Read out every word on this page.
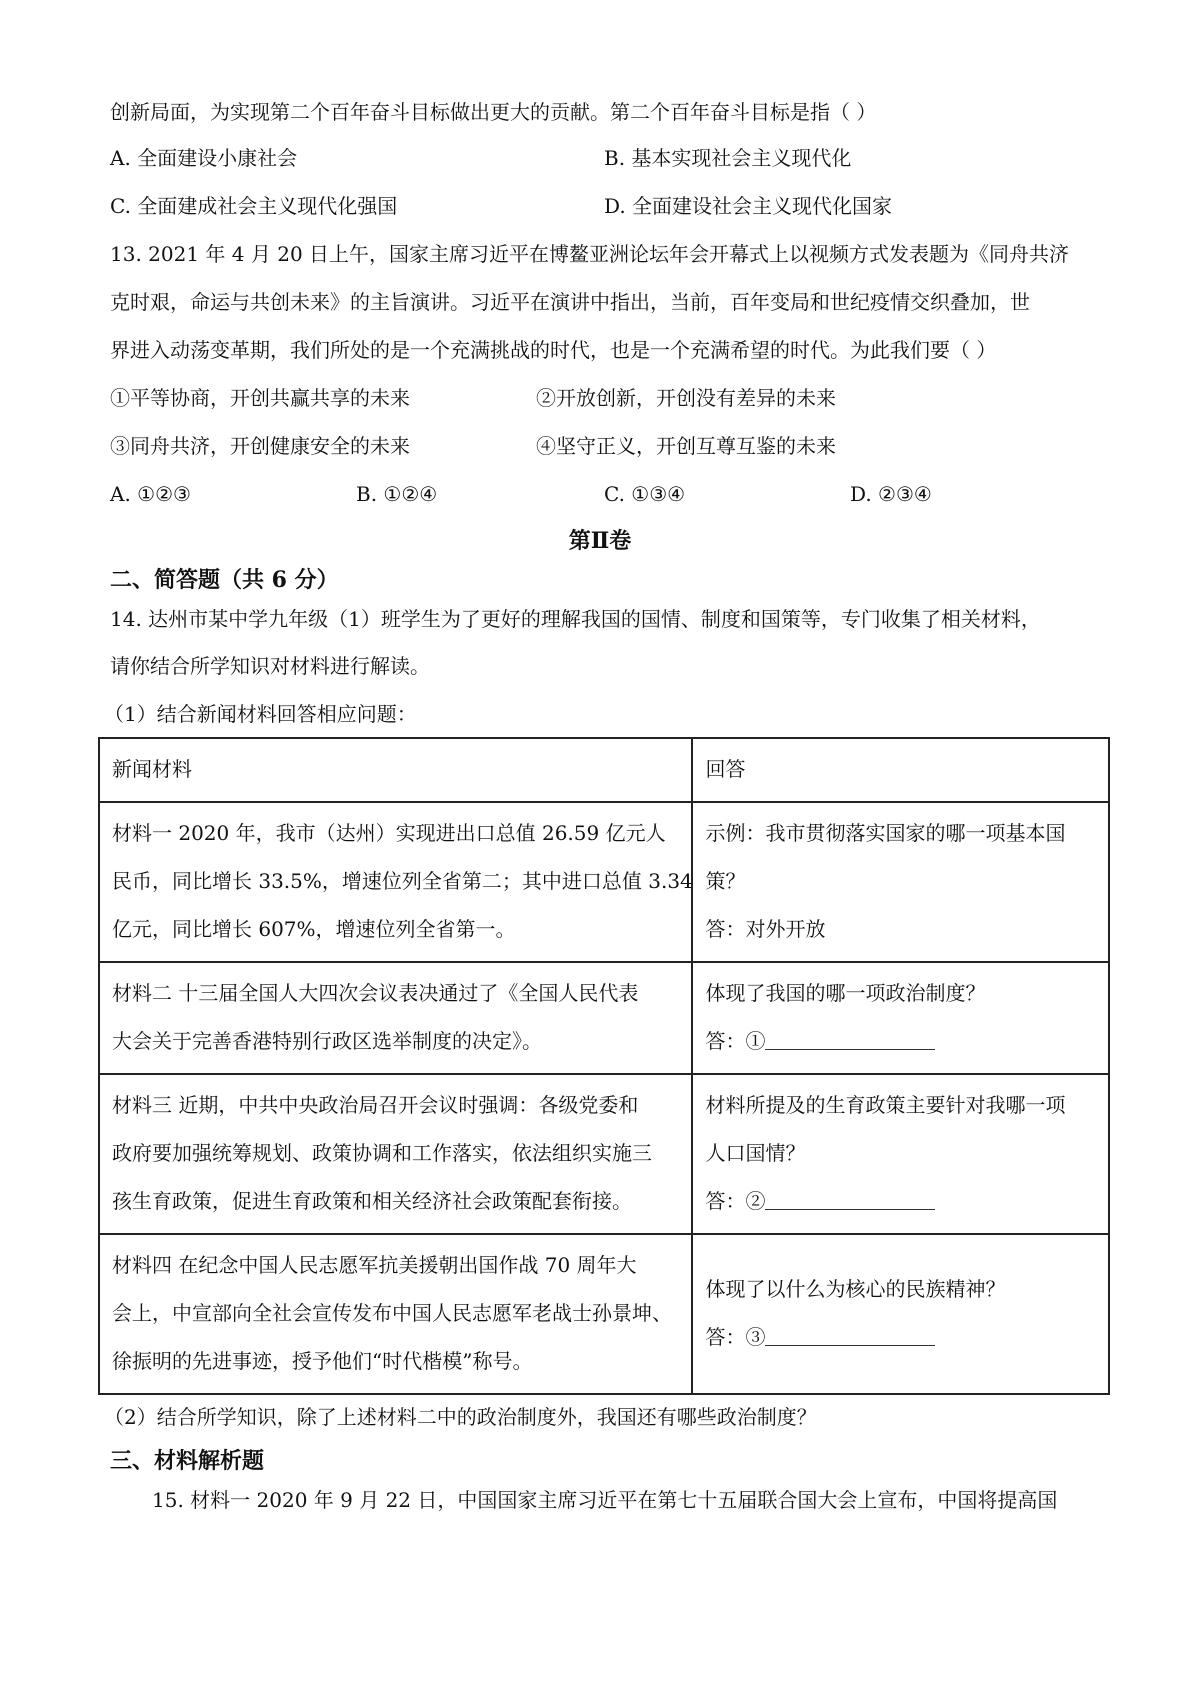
创新局面，为实现第二个百年奋斗目标做出更大的贡献。第二个百年奋斗目标是指（ ）
A. 全面建设小康社会	B. 基本实现社会主义现代化
C. 全面建成社会主义现代化强国	D. 全面建设社会主义现代化国家
13. 2021 年 4 月 20 日上午，国家主席习近平在博鳌亚洲论坛年会开幕式上以视频方式发表题为《同舟共济
克时艰，命运与共创未来》的主旨演讲。习近平在演讲中指出，当前，百年变局和世纪疫情交织叠加，世
界进入动荡变革期，我们所处的是一个充满挑战的时代，也是一个充满希望的时代。为此我们要（ ）
①平等协商，开创共赢共享的未来	②开放创新，开创没有差异的未来
③同舟共济，开创健康安全的未来	④坚守正义，开创互尊互鉴的未来
A. ①②③	B. ①②④	C. ①③④	D. ②③④
第Ⅱ卷
二、简答题（共 6 分）
14. 达州市某中学九年级（1）班学生为了更好的理解我国的国情、制度和国策等，专门收集了相关材料，
请你结合所学知识对材料进行解读。
（1）结合新闻材料回答相应问题：
新闻材料	回答

材料一 2020 年，我市（达州）实现进出口总值 26.59 亿元人
民币，同比增长 33.5%，增速位列全省第二；其中进口总值 3.34
亿元，同比增长 607%，增速位列全省第一。	示例：我市贯彻落实国家的哪一项基本国
策？
答：对外开放

材料二 十三届全国人大四次会议表决通过了《全国人民代表
大会关于完善香港特别行政区选举制度的决定》。	体现了我国的哪一项政治制度？
答：①

材料三 近期，中共中央政治局召开会议时强调：各级党委和
政府要加强统筹规划、政策协调和工作落实，依法组织实施三
孩生育政策，促进生育政策和相关经济社会政策配套衔接。	材料所提及的生育政策主要针对我哪一项
人口国情？
答：②

材料四 在纪念中国人民志愿军抗美援朝出国作战 70 周年大
会上，中宣部向全社会宣传发布中国人民志愿军老战士孙景坤、
徐振明的先进事迹，授予他们“时代楷模”称号。	体现了以什么为核心的民族精神？
答：③
（2）结合所学知识，除了上述材料二中的政治制度外，我国还有哪些政治制度？
三、材料解析题
15. 材料一 2020 年 9 月 22 日，中国国家主席习近平在第七十五届联合国大会上宣布，中国将提高国
